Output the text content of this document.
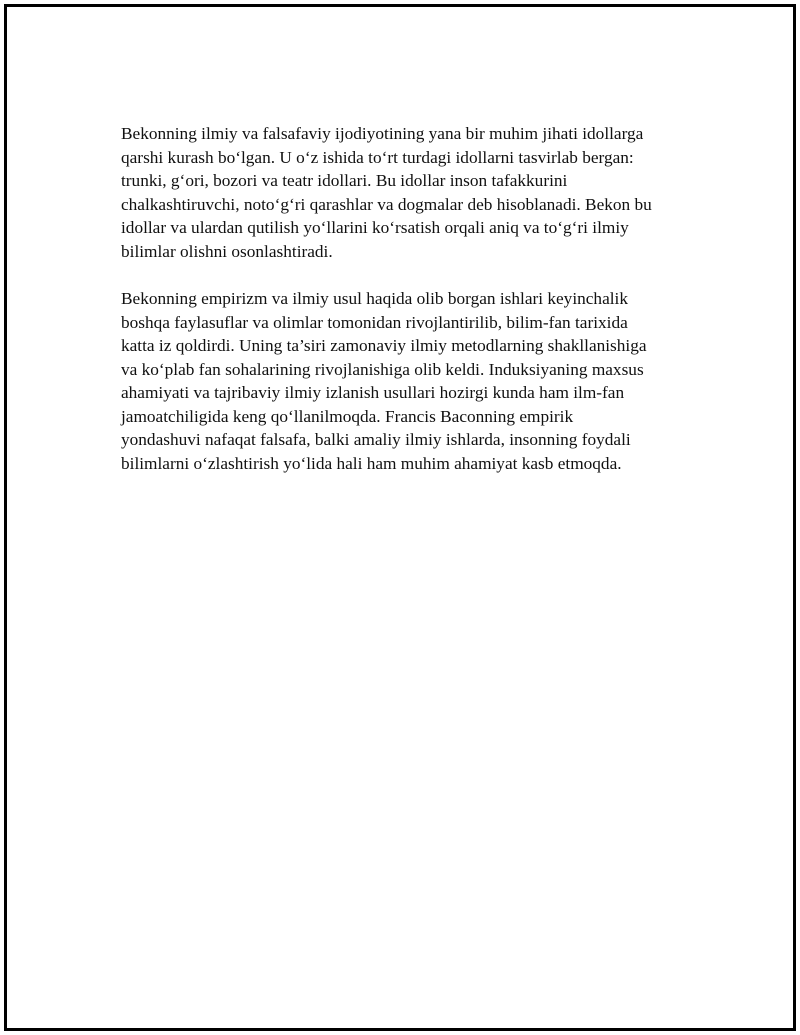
Bekonning ilmiy va falsafaviy ijodiyotining yana bir muhim jihati idollarga
qarshi kurash bo‘lgan. U o‘z ishida to‘rt turdagi idollarni tasvirlab bergan:
trunki, g‘ori, bozori va teatr idollari. Bu idollar inson tafakkurini
chalkashtiruvchi, noto‘g‘ri qarashlar va dogmalar deb hisoblanadi. Bekon bu
idollar va ulardan qutilish yo‘llarini ko‘rsatish orqali aniq va to‘g‘ri ilmiy
bilimlar olishni osonlashtiradi.

Bekonning empirizm va ilmiy usul haqida olib borgan ishlari keyinchalik
boshqa faylasuflar va olimlar tomonidan rivojlantirilib, bilim-fan tarixida
katta iz qoldirdi. Uning ta’siri zamonaviy ilmiy metodlarning shakllanishiga
va ko‘plab fan sohalarining rivojlanishiga olib keldi. Induksiyaning maxsus
ahamiyati va tajribaviy ilmiy izlanish usullari hozirgi kunda ham ilm-fan
jamoatchiligida keng qo‘llanilmoqda. Francis Baconning empirik
yondashuvi nafaqat falsafa, balki amaliy ilmiy ishlarda, insonning foydali
bilimlarni o‘zlashtirish yo‘lida hali ham muhim ahamiyat kasb etmoqda.
